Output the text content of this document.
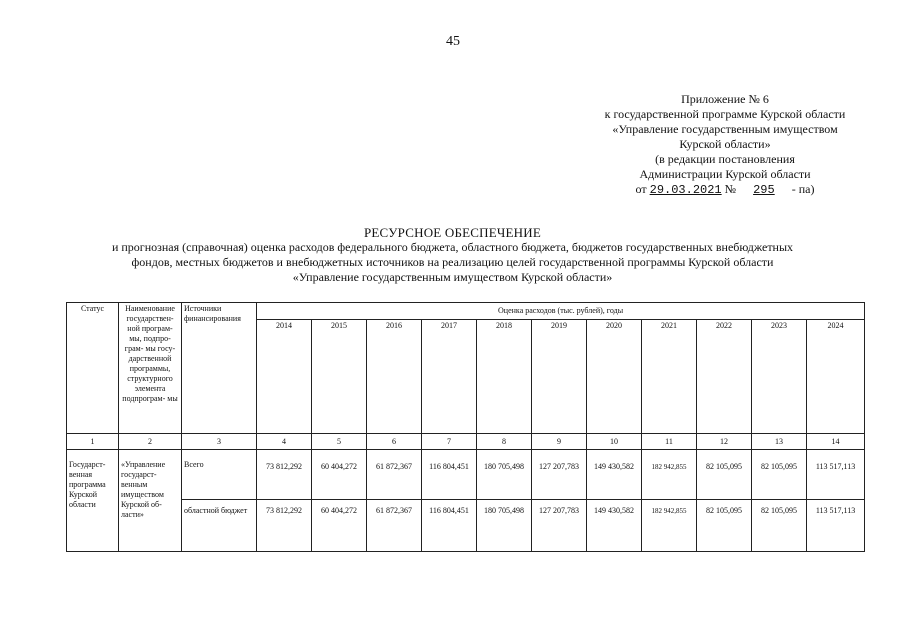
45
Приложение № 6
к государственной программе Курской области
«Управление государственным имуществом
Курской области»
(в редакции постановления
Администрации Курской области
от 29.03.2021 № 295 - па)
РЕСУРСНОЕ ОБЕСПЕЧЕНИЕ
и прогнозная (справочная) оценка расходов федерального бюджета, областного бюджета, бюджетов государственных внебюджетных
фондов, местных бюджетов и внебюджетных источников на реализацию целей государственной программы Курской области
«Управление государственным имуществом Курской области»
Статус	Наименование государствен- ной програм- мы, подпро- грам- мы госу- дарственной программы, структурного элемента подпрограм- мы	Источники финансирования	Оценка расходов (тыс. рублей), годы										
			2014	2015	2016	2017	2018	2019	2020	2021	2022	2023	2024
1	2	3	4	5	6	7	8	9	10	11	12	13	14
Государст- венная программа Курской области	«Управление государст- венным имуществом Курской об- ласти»	Всего	73 812,292	60 404,272	61 872,367	116 804,451	180 705,498	127 207,783	149 430,582	182 942,855	82 105,095	82 105,095	113 517,113
		областной бюджет	73 812,292	60 404,272	61 872,367	116 804,451	180 705,498	127 207,783	149 430,582	182 942,855	82 105,095	82 105,095	113 517,113
